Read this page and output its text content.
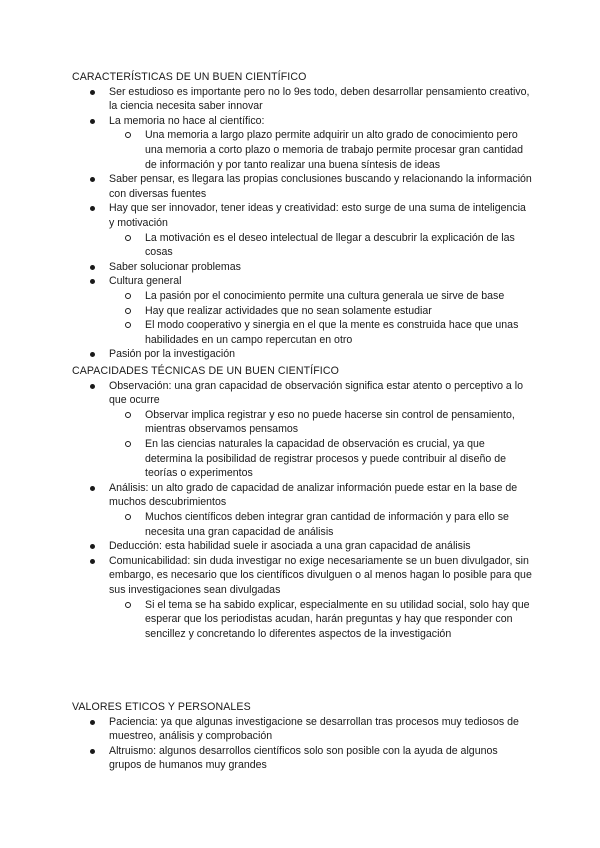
CARACTERÍSTICAS DE UN BUEN CIENTÍFICO

Ser estudioso es importante pero no lo 9es todo, deben desarrollar pensamiento creativo, la ciencia necesita saber innovar
La memoria no hace al científico:
Una memoria a largo plazo permite adquirir un alto grado de conocimiento pero una memoria a corto plazo o memoria de trabajo permite procesar gran cantidad de información y por tanto realizar una buena síntesis de ideas
Saber pensar, es llegara las propias conclusiones buscando y relacionando la información con diversas fuentes
Hay que ser innovador, tener ideas y creatividad: esto surge de una suma de inteligencia y motivación
La motivación es el deseo intelectual de llegar a descubrir la explicación de las cosas
Saber solucionar problemas
Cultura general
La pasión por el conocimiento permite una cultura generala ue sirve de base
Hay que realizar actividades que no sean solamente estudiar
El modo cooperativo y sinergia en el que la mente es construida hace que unas habilidades en un campo repercutan en otro
Pasión por la investigación

CAPACIDADES TÉCNICAS DE UN BUEN CIENTÍFICO

Observación: una gran capacidad de observación significa estar atento o perceptivo a lo que ocurre
Observar implica registrar y eso no puede hacerse sin control de pensamiento, mientras observamos pensamos
En las ciencias naturales la capacidad de observación es crucial, ya que determina la posibilidad de registrar procesos y puede contribuir al diseño de teorías o experimentos
Análisis: un alto grado de capacidad de analizar información puede estar en la base de muchos descubrimientos
Muchos científicos deben integrar gran cantidad de información y para ello se necesita una gran capacidad de análisis
Deducción: esta habilidad suele ir asociada a una gran capacidad de análisis
Comunicabilidad: sin duda investigar no exige necesariamente se un buen divulgador, sin embargo, es necesario que los científicos divulguen o al menos hagan lo posible para que sus investigaciones sean divulgadas
Si el tema se ha sabido explicar, especialmente en su utilidad social, solo hay que esperar que los periodistas acudan, harán preguntas y hay que responder con sencillez y concretando lo diferentes aspectos de la investigación

VALORES ETICOS Y PERSONALES

Paciencia: ya que algunas investigacione se desarrollan tras procesos muy tediosos de muestreo, análisis y comprobación
Altruismo: algunos desarrollos científicos solo son posible con la ayuda de algunos grupos de humanos muy grandes
